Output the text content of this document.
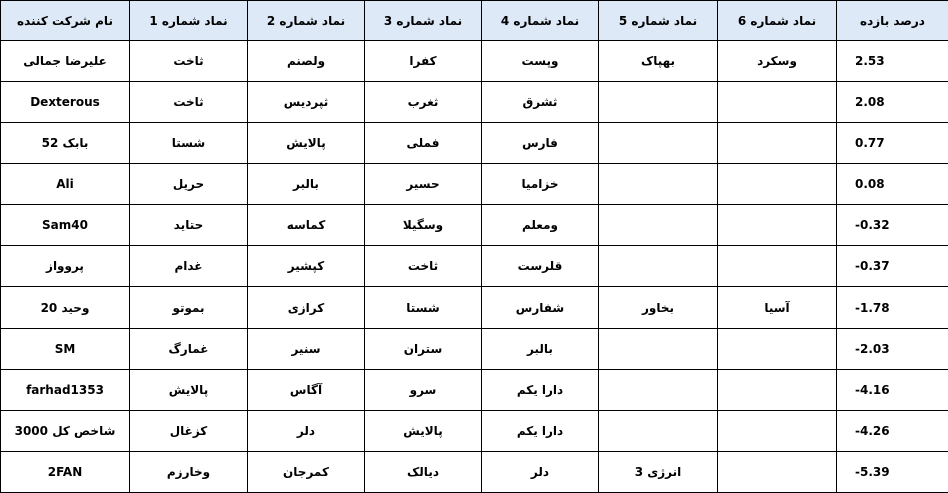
نام شرکت کننده	نماد شماره 1	نماد شماره 2	نماد شماره 3	نماد شماره 4	نماد شماره 5	نماد شماره 6	درصد بازده
علیرضا جمالی	ثاخت	ولصنم	کفرا	وپست	بهپاک	وسکرد	2.53
Dexterous	ثاخت	ثپردیس	ثغرب	ثشرق			2.08
بابک 52	شستا	پالایش	فملی	فارس			0.77
Ali	حریل	بالبر	حسیر	خزامیا			0.08
Sam40	حتاید	کماسه	وسگیلا	ومعلم			-0.32
پروواز	غدام	کپشیر	ثاخت	قلرست			-0.37
وحید 20	بموتو	کرازی	شستا	شفارس	بخاور	آسیا	-1.78
SM	غمارگ	سنیر	ستران	بالبر			-2.03
farhad1353	پالایش	آگاس	سرو	دارا یکم			-4.16
شاخص کل 3000	کزغال	دلر	پالایش	دارا یکم			-4.26
2FAN	وخارزم	کمرجان	دیالک	دلر	انرژی 3		-5.39
